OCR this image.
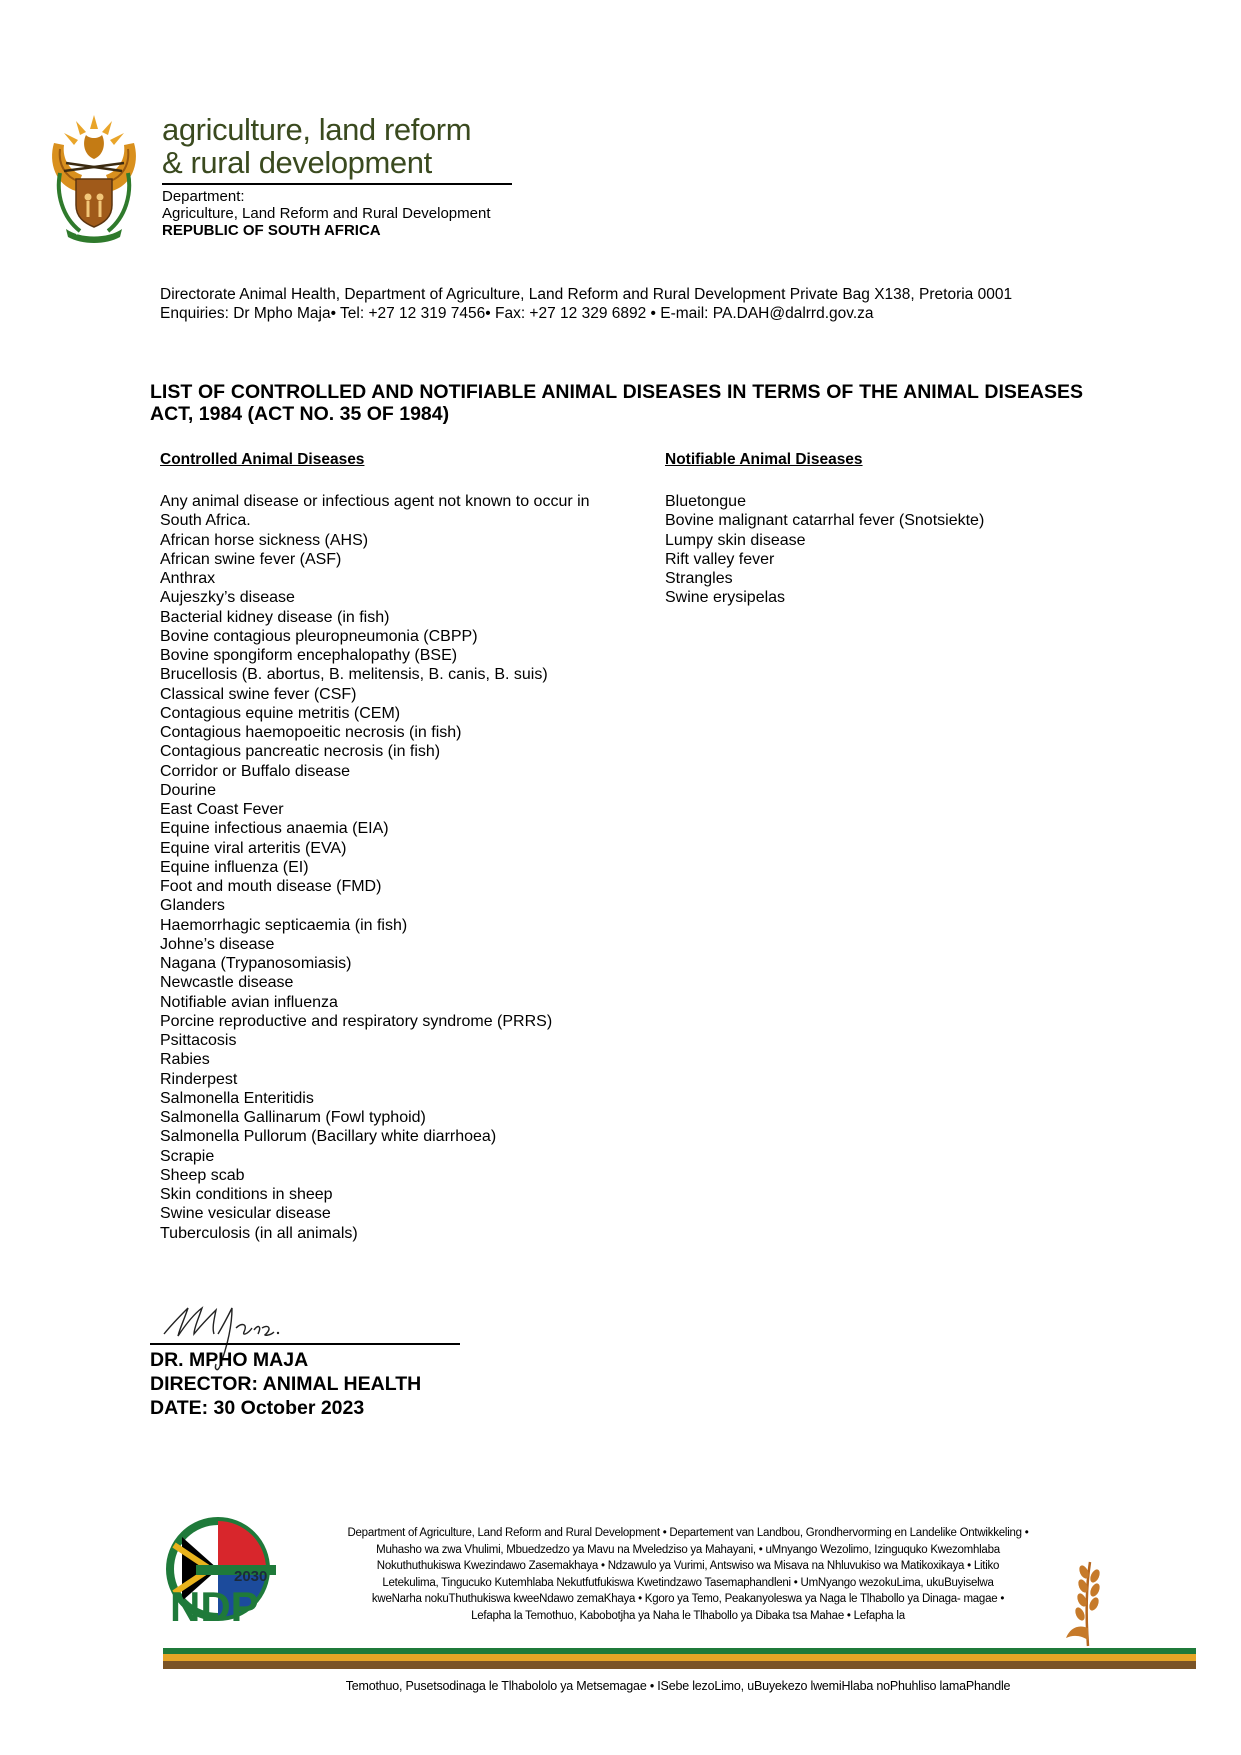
agriculture, land reform
& rural development
Department:
Agriculture, Land Reform and Rural Development
REPUBLIC OF SOUTH AFRICA
Directorate Animal Health, Department of Agriculture, Land Reform and Rural Development Private Bag X138, Pretoria 0001
Enquiries: Dr Mpho Maja• Tel: +27 12 319 7456• Fax: +27 12 329 6892 • E-mail: PA.DAH@dalrrd.gov.za
LIST OF CONTROLLED AND NOTIFIABLE ANIMAL DISEASES IN TERMS OF THE ANIMAL DISEASES ACT, 1984 (ACT NO. 35 OF 1984)
Controlled Animal Diseases
Any animal disease or infectious agent not known to occur in South Africa.
African horse sickness (AHS)
African swine fever (ASF)
Anthrax
Aujeszky’s disease
Bacterial kidney disease (in fish)
Bovine contagious pleuropneumonia (CBPP)
Bovine spongiform encephalopathy (BSE)
Brucellosis (B. abortus, B. melitensis, B. canis, B. suis)
Classical swine fever (CSF)
Contagious equine metritis (CEM)
Contagious haemopoeitic necrosis (in fish)
Contagious pancreatic necrosis (in fish)
Corridor or Buffalo disease
Dourine
East Coast Fever
Equine infectious anaemia (EIA)
Equine viral arteritis (EVA)
Equine influenza (EI)
Foot and mouth disease (FMD)
Glanders
Haemorrhagic septicaemia (in fish)
Johne’s disease
Nagana (Trypanosomiasis)
Newcastle disease
Notifiable avian influenza
Porcine reproductive and respiratory syndrome (PRRS)
Psittacosis
Rabies
Rinderpest
Salmonella Enteritidis
Salmonella Gallinarum (Fowl typhoid)
Salmonella Pullorum (Bacillary white diarrhoea)
Scrapie
Sheep scab
Skin conditions in sheep
Swine vesicular disease
Tuberculosis (in all animals)
Notifiable Animal Diseases
Bluetongue
Bovine malignant catarrhal fever (Snotsiekte)
Lumpy skin disease
Rift valley fever
Strangles
Swine erysipelas
DR. MPHO MAJA
DIRECTOR: ANIMAL HEALTH
DATE: 30 October 2023
2030
NDP
Department of Agriculture, Land Reform and Rural Development • Departement van Landbou, Grondhervorming en Landelike Ontwikkeling •
Muhasho wa zwa Vhulimi, Mbuedzedzo ya Mavu na Mveledziso ya Mahayani, • uMnyango Wezolimo, Izinguquko Kwezomhlaba
Nokuthuthukiswa Kwezindawo Zasemakhaya • Ndzawulo ya Vurimi, Antswiso wa Misava na Nhluvukiso wa Matikoxikaya • Litiko
Letekulima, Tingucuko Kutemhlaba Nekutfutfukiswa Kwetindzawo Tasemaphandleni • UmNyango wezokuLima, ukuBuyiselwa
kweNarha nokuThuthukiswa kweeNdawo zemaKhaya • Kgoro ya Temo, Peakanyoleswa ya Naga le Tlhabollo ya Dinaga- magae •
Lefapha la Temothuo, Kabobotjha ya Naha le Tlhabollo ya Dibaka tsa Mahae • Lefapha la
Temothuo, Pusetsodinaga le Tlhabololo ya Metsemagae • ISebe lezoLimo, uBuyekezo lwemiHlaba noPhuhliso lamaPhandle
